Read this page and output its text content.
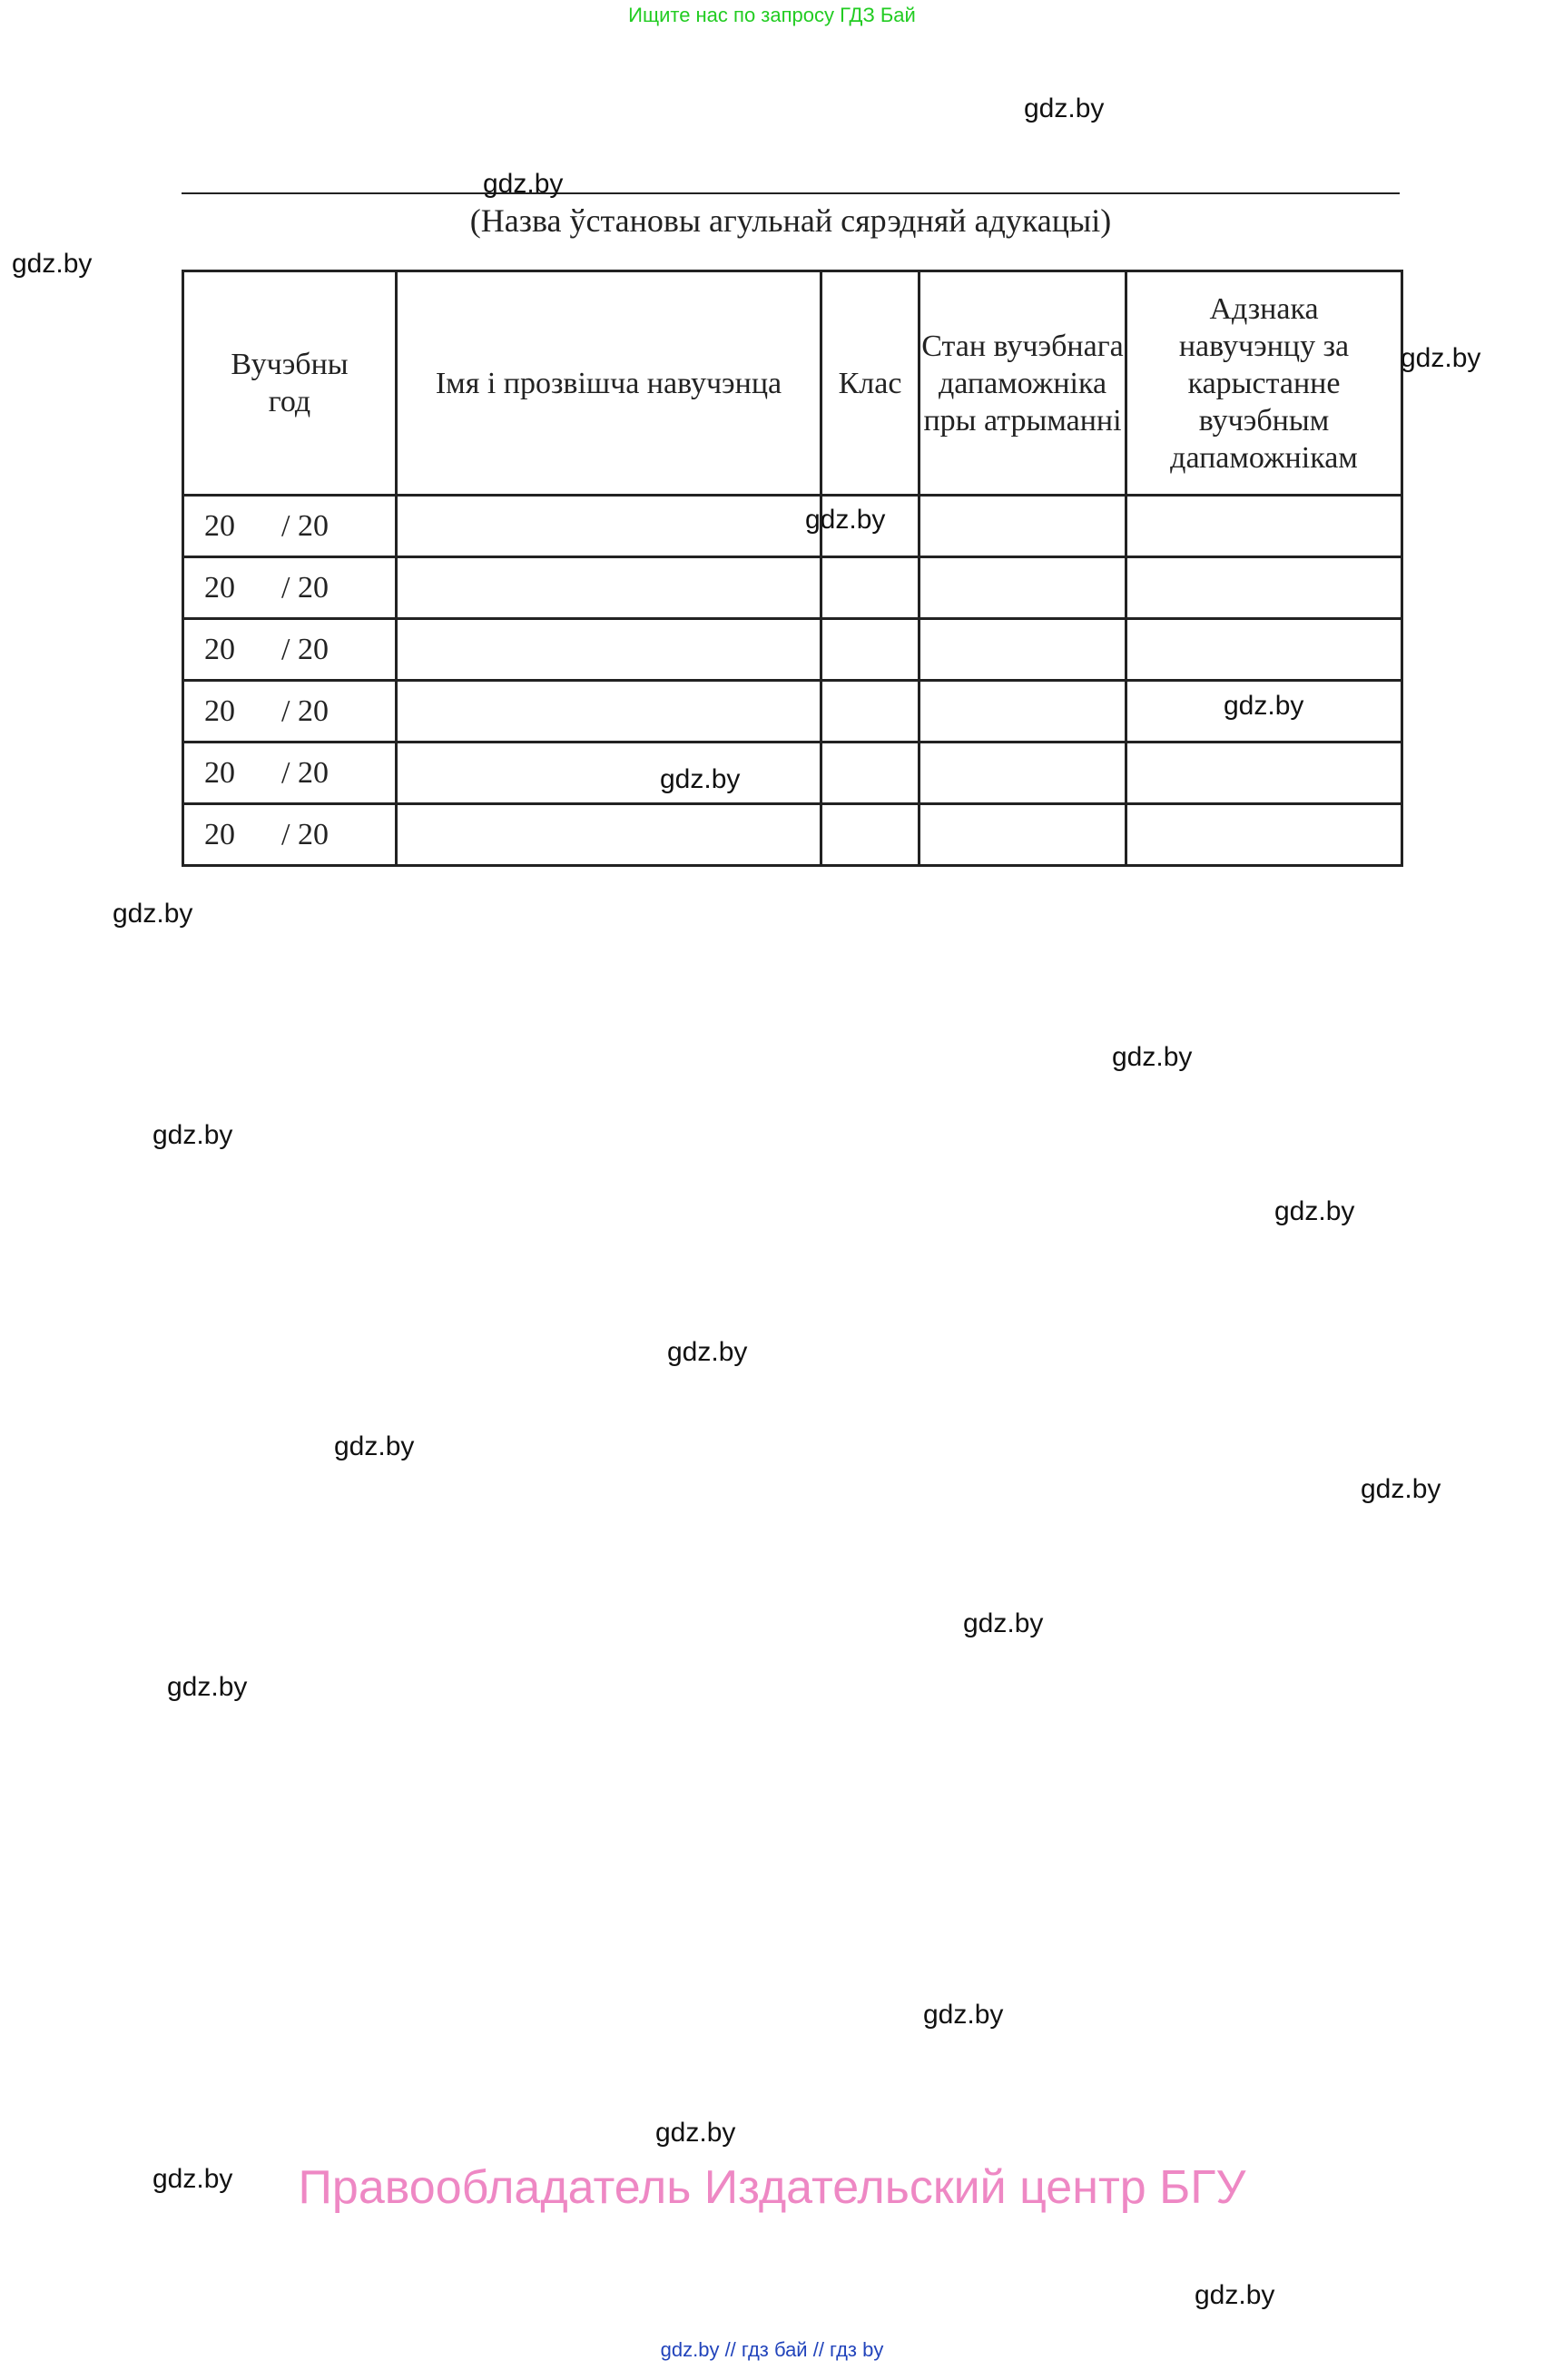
Ищите нас по запросу ГДЗ Бай
(Назва ўстановы агульнай сярэдняй адукацыі)
Вучэбны год	Імя і прозвішча навучэнца	Клас	Стан вучэбнага дапаможніка пры атрыманні	Адзнака навучэнцу за карыстанне вучэбным дапаможнікам
20      / 20				
20      / 20				
20      / 20				
20      / 20				
20      / 20				
20      / 20				
gdz.by
gdz.by
gdz.by
gdz.by
gdz.by
gdz.by
gdz.by
gdz.by
gdz.by
gdz.by
gdz.by
gdz.by
gdz.by
gdz.by
gdz.by
gdz.by
gdz.by
gdz.by
gdz.by
gdz.by
Правообладатель Издательский центр БГУ
gdz.by // гдз бай // гдз by
